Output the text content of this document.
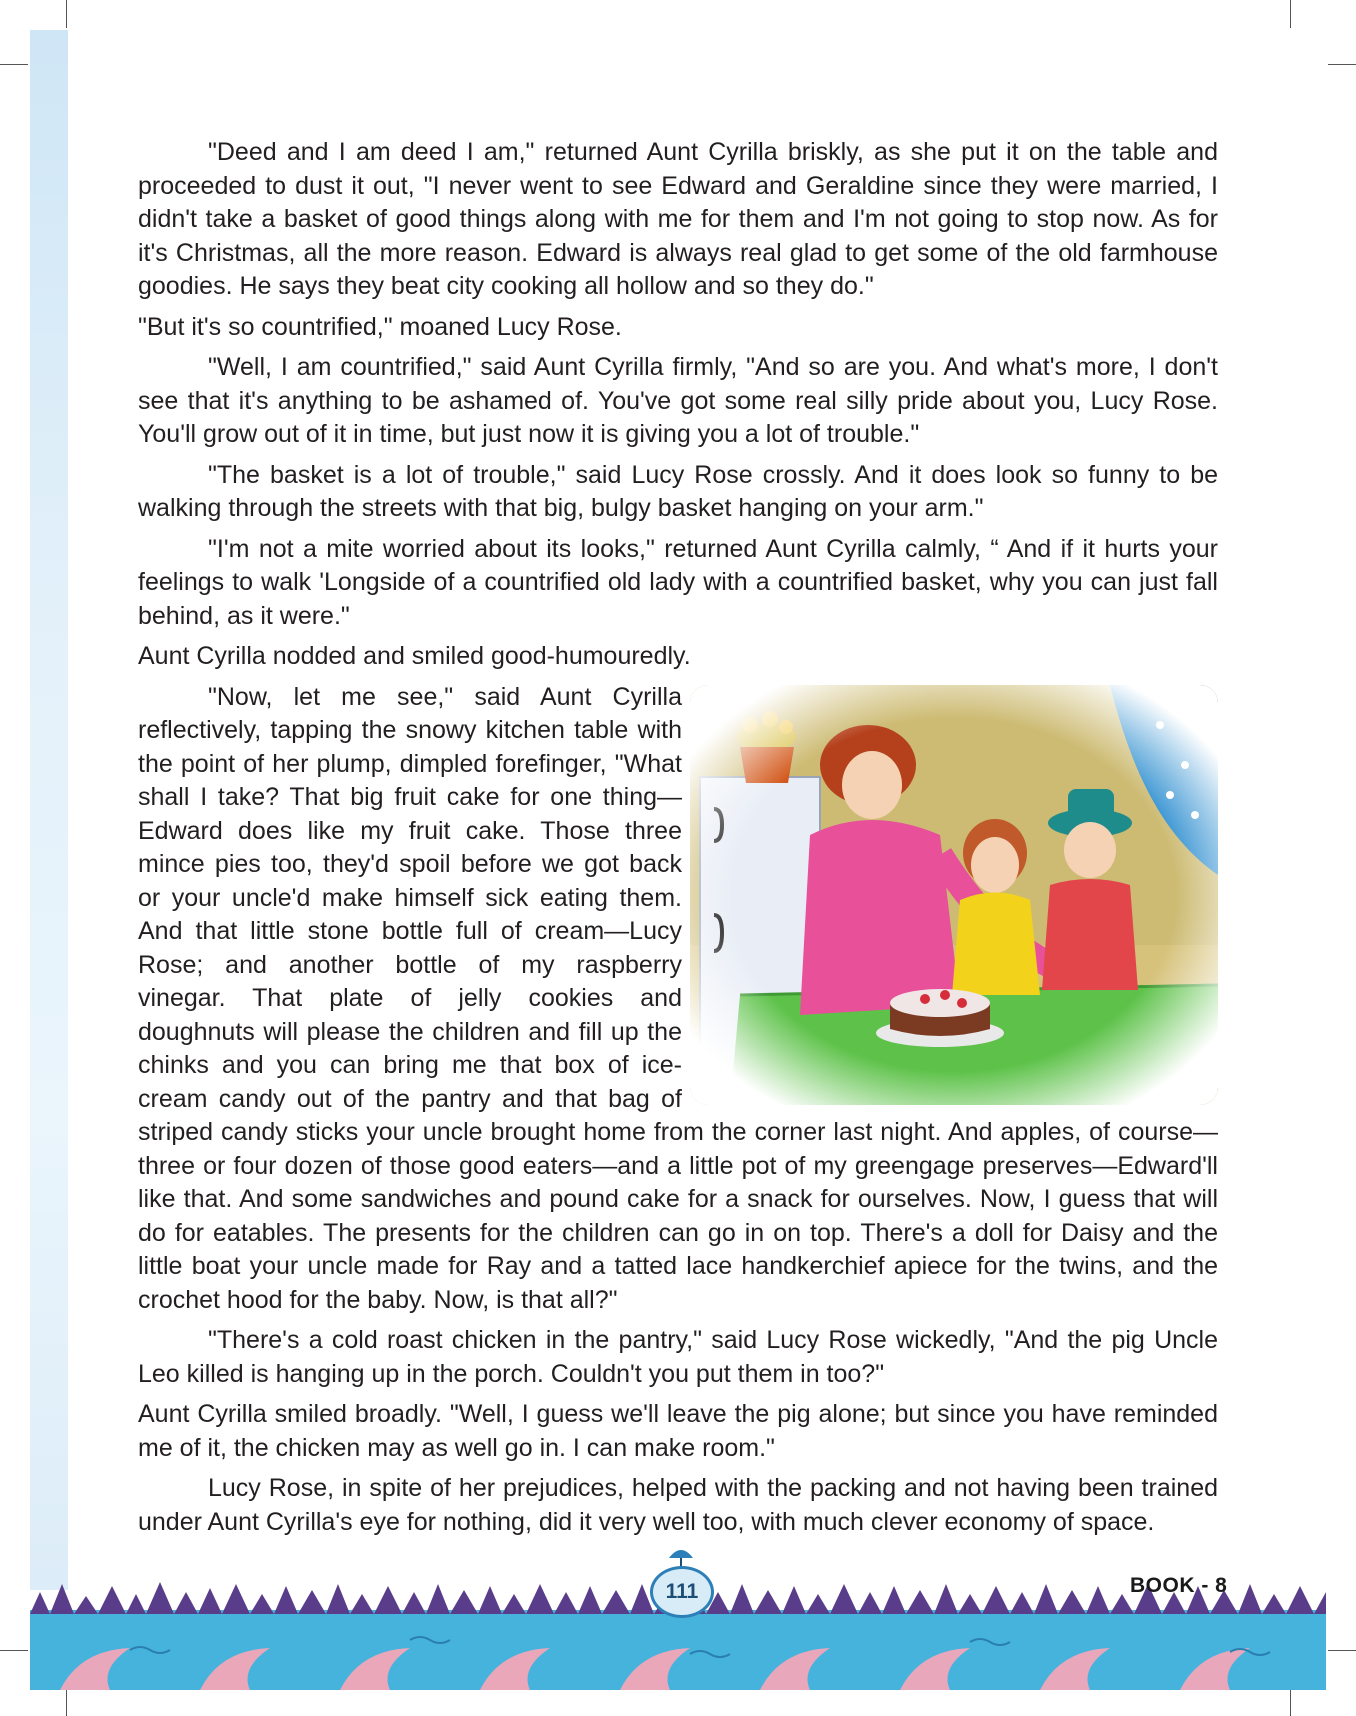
"Deed and I am deed I am," returned Aunt Cyrilla briskly, as she put it on the table and proceeded to dust it out, "I never went to see Edward and Geraldine since they were married, I didn't take a basket of good things along with me for them and I'm not going to stop now. As for it's Christmas, all the more reason. Edward is always real glad to get some of the old farmhouse goodies. He says they beat city cooking all hollow and so they do."

"But it's so countrified," moaned Lucy Rose.

"Well, I am countrified," said Aunt Cyrilla firmly, "And so are you. And what's more, I don't see that it's anything to be ashamed of. You've got some real silly pride about you, Lucy Rose. You'll grow out of it in time, but just now it is giving you a lot of trouble."

"The basket is a lot of trouble," said Lucy Rose crossly. And it does look so funny to be walking through the streets with that big, bulgy basket hanging on your arm."

"I'm not a mite worried about its looks," returned Aunt Cyrilla calmly, “ And if it hurts your feelings to walk 'Longside of a countrified old lady with a countrified basket, why you can just fall behind, as it were."

Aunt Cyrilla nodded and smiled good-humouredly.

"Now, let me see," said Aunt Cyrilla reflectively, tapping the snowy kitchen table with the point of her plump, dimpled forefinger, "What shall I take? That big fruit cake for one thing—Edward does like my fruit cake. Those three mince pies too, they'd spoil before we got back or your uncle'd make himself sick eating them. And that little stone bottle full of cream—Lucy Rose; and another bottle of my raspberry vinegar. That plate of jelly cookies and doughnuts will please the children and fill up the chinks and you can bring me that box of ice-cream candy out of the pantry and that bag of striped candy sticks your uncle brought home from the corner last night. And apples, of course—three or four dozen of those good eaters—and a little pot of my greengage preserves—Edward'll like that. And some sandwiches and pound cake for a snack for ourselves. Now, I guess that will do for eatables. The presents for the children can go in on top. There's a doll for Daisy and the little boat your uncle made for Ray and a tatted lace handkerchief apiece for the twins, and the crochet hood for the baby. Now, is that all?"

"There's a cold roast chicken in the pantry," said Lucy Rose wickedly, "And the pig Uncle Leo killed is hanging up in the porch. Couldn't you put them in too?"

Aunt Cyrilla smiled broadly. "Well, I guess we'll leave the pig alone; but since you have reminded me of it, the chicken may as well go in. I can make room."

Lucy Rose, in spite of her prejudices, helped with the packing and not having been trained under Aunt Cyrilla's eye for nothing, did it very well too, with much clever economy of space.

111	BOOK - 8
